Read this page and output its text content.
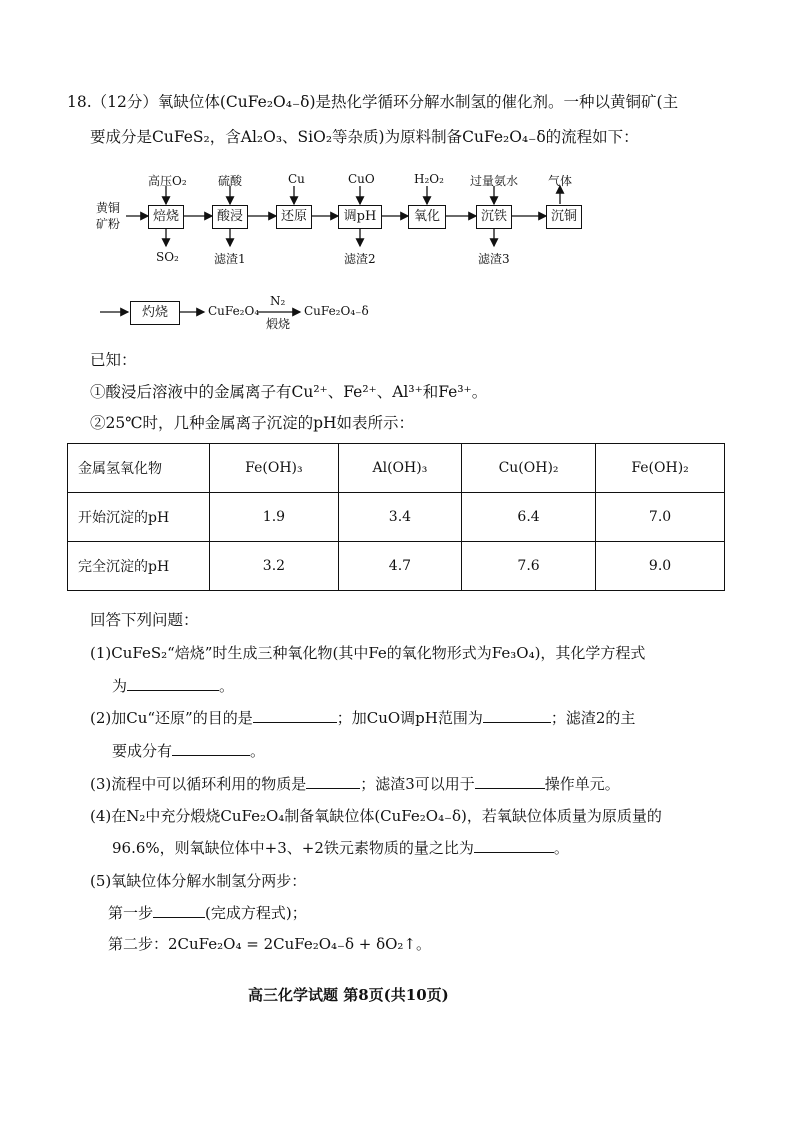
18.（12分）氧缺位体(CuFe₂O₄₋δ)是热化学循环分解水制氢的催化剂。一种以黄铜矿(主
要成分是CuFeS₂，含Al₂O₃、SiO₂等杂质)为原料制备CuFe₂O₄₋δ的流程如下：
黄铜
矿粉	焙烧	酸浸	还原	调pH	氧化	沉铁	沉铜
高压O₂	硫酸	Cu	CuO	H₂O₂ 过量氨水 气体
SO₂	滤渣1	滤渣2	滤渣3
灼烧	CuFe₂O₄
N₂
煅烧
CuFe₂O₄₋δ
已知：
①酸浸后溶液中的金属离子有Cu²⁺、Fe²⁺、Al³⁺和Fe³⁺。
②25℃时，几种金属离子沉淀的pH如表所示：
金属氢氧化物	Fe(OH)₃	Al(OH)₃	Cu(OH)₂	Fe(OH)₂
开始沉淀的pH	1.9	3.4	6.4	7.0
完全沉淀的pH	3.2	4.7	7.6	9.0
回答下列问题：
(1)CuFeS₂“焙烧”时生成三种氧化物(其中Fe的氧化物形式为Fe₃O₄)，其化学方程式
为	。
(2)加Cu“还原”的目的是	；加CuO调pH范围为	；滤渣2的主
要成分有	。
(3)流程中可以循环利用的物质是	；滤渣3可以用于	操作单元。
(4)在N₂中充分煅烧CuFe₂O₄制备氧缺位体(CuFe₂O₄₋δ)，若氧缺位体质量为原质量的
96.6%，则氧缺位体中+3、+2铁元素物质的量之比为	。
(5)氧缺位体分解水制氢分两步：
第一步	(完成方程式)；
第二步：2CuFe₂O₄ = 2CuFe₂O₄₋δ + δO₂↑。
高三化学试题 第8页(共10页)
